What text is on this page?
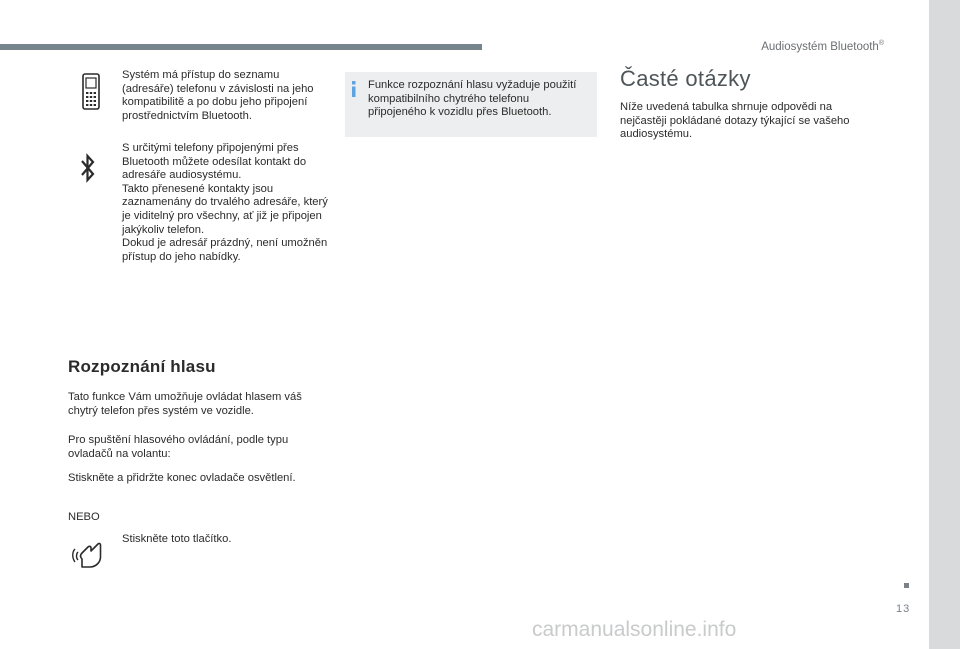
Audiosystém Bluetooth®
Systém má přístup do seznamu (adresáře) telefonu v závislosti na jeho kompatibilitě a po dobu jeho připojení prostřednictvím Bluetooth.
S určitými telefony připojenými přes Bluetooth můžete odesílat kontakt do adresáře audiosystému.
Takto přenesené kontakty jsou zaznamenány do trvalého adresáře, který je viditelný pro všechny, ať již je připojen jakýkoliv telefon.
Dokud je adresář prázdný, není umožněn přístup do jeho nabídky.
Rozpoznání hlasu
Tato funkce Vám umožňuje ovládat hlasem váš chytrý telefon přes systém ve vozidle.
Pro spuštění hlasového ovládání, podle typu ovladačů na volantu:
Stiskněte a přidržte konec ovladače osvětlení.
NEBO
Stiskněte toto tlačítko.
Funkce rozpoznání hlasu vyžaduje použití kompatibilního chytrého telefonu připojeného k vozidlu přes Bluetooth.
Časté otázky
Níže uvedená tabulka shrnuje odpovědi na nejčastěji pokládané dotazy týkající se vašeho audiosystému.
13
carmanualsonline.info
